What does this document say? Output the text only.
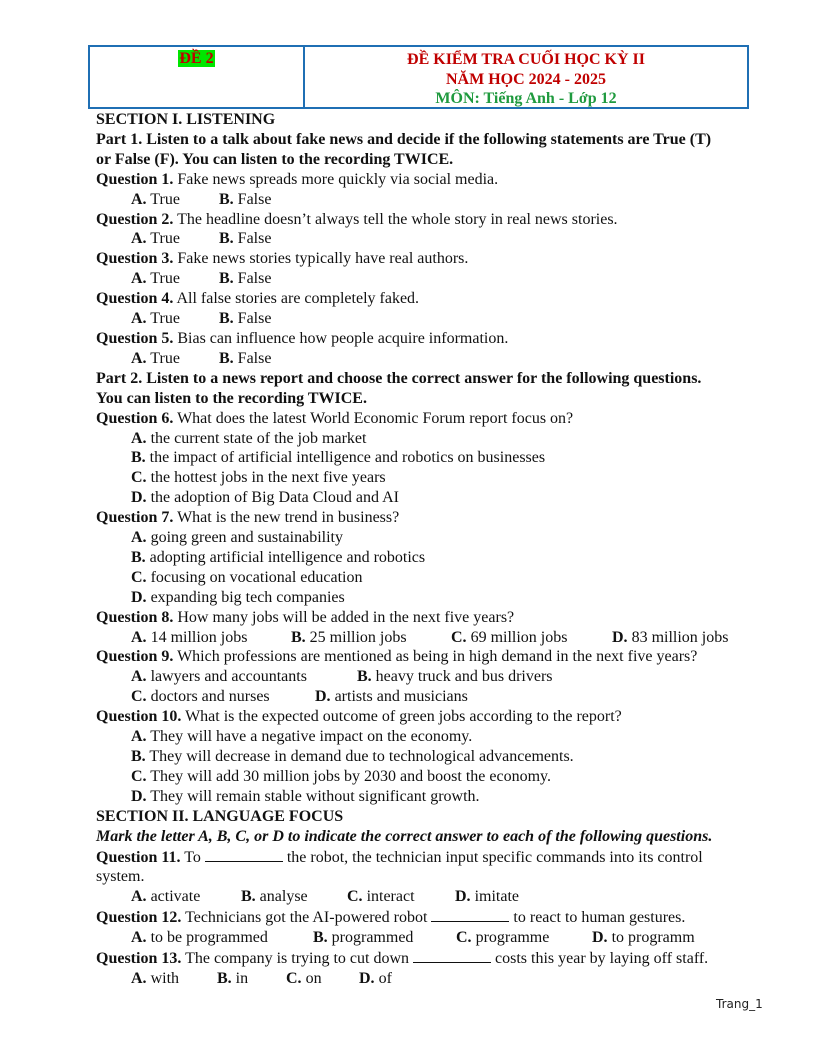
ĐỀ 2	ĐỀ KIỂM TRA CUỐI HỌC KỲ II
NĂM HỌC 2024 - 2025
MÔN: Tiếng Anh - Lớp 12
SECTION I. LISTENING
Part 1. Listen to a talk about fake news and decide if the following statements are True (T)
or False (F). You can listen to the recording TWICE.
Question 1. Fake news spreads more quickly via social media.
A. True B. False
Question 2. The headline doesn’t always tell the whole story in real news stories.
A. True B. False
Question 3. Fake news stories typically have real authors.
A. True B. False
Question 4. All false stories are completely faked.
A. True B. False
Question 5. Bias can influence how people acquire information.
A. True B. False
Part 2. Listen to a news report and choose the correct answer for the following questions.
You can listen to the recording TWICE.
Question 6. What does the latest World Economic Forum report focus on?
A. the current state of the job market
B. the impact of artificial intelligence and robotics on businesses
C. the hottest jobs in the next five years
D. the adoption of Big Data Cloud and AI
Question 7. What is the new trend in business?
A. going green and sustainability
B. adopting artificial intelligence and robotics
C. focusing on vocational education
D. expanding big tech companies
Question 8. How many jobs will be added in the next five years?
A. 14 million jobs	B. 25 million jobs	C. 69 million jobs	D. 83 million jobs
Question 9. Which professions are mentioned as being in high demand in the next five years?
A. lawyers and accountants	B. heavy truck and bus drivers
C. doctors and nurses	D. artists and musicians
Question 10. What is the expected outcome of green jobs according to the report?
A. They will have a negative impact on the economy.
B. They will decrease in demand due to technological advancements.
C. They will add 30 million jobs by 2030 and boost the economy.
D. They will remain stable without significant growth.
SECTION II. LANGUAGE FOCUS
Mark the letter A, B, C, or D to indicate the correct answer to each of the following questions.
Question 11. To	the robot, the technician input specific commands into its control
system.
A. activate	B. analyse C. interact	D. imitate
Question 12. Technicians got the AI-powered robot	to react to human gestures.
A. to be programmed	B. programmed	C. programme	D. to programm
Question 13. The company is trying to cut down	costs this year by laying off staff.
A. with B. in C. on D. of
Trang_1
